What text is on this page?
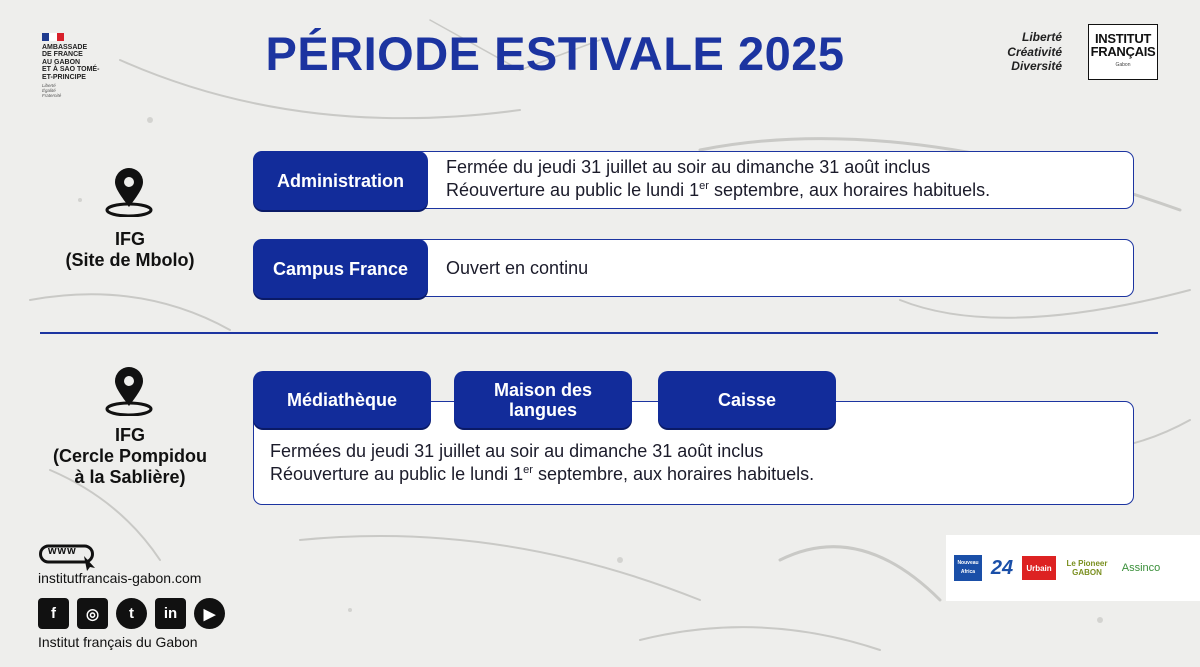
AMBASSADE
DE FRANCE
AU GABON
ET À SAO TOMÉ-
ET-PRINCIPE
Liberté
Égalité
Fraternité
PÉRIODE ESTIVALE 2025	Liberté
Créativité
Diversité
INSTITUT
FRANÇAIS
Gabon
IFG
(Site de Mbolo)
Administration
Fermée du jeudi 31 juillet au soir au dimanche 31 août inclus
Réouverture au public le lundi 1er septembre, aux horaires habituels.
Campus France	Ouvert en continu
IFG
(Cercle Pompidou
à la Sablière)
Médiathèque	Maison des langues	Caisse
Fermées du jeudi 31 juillet au soir au dimanche 31 août inclus
Réouverture au public le lundi 1er septembre, aux horaires habituels.
www
institutfrancais-gabon.com
f	◎	t	in	▶
Institut français du Gabon
Nouveau Africa 24	Urbain	Le Pioneer GABON	Assinco
